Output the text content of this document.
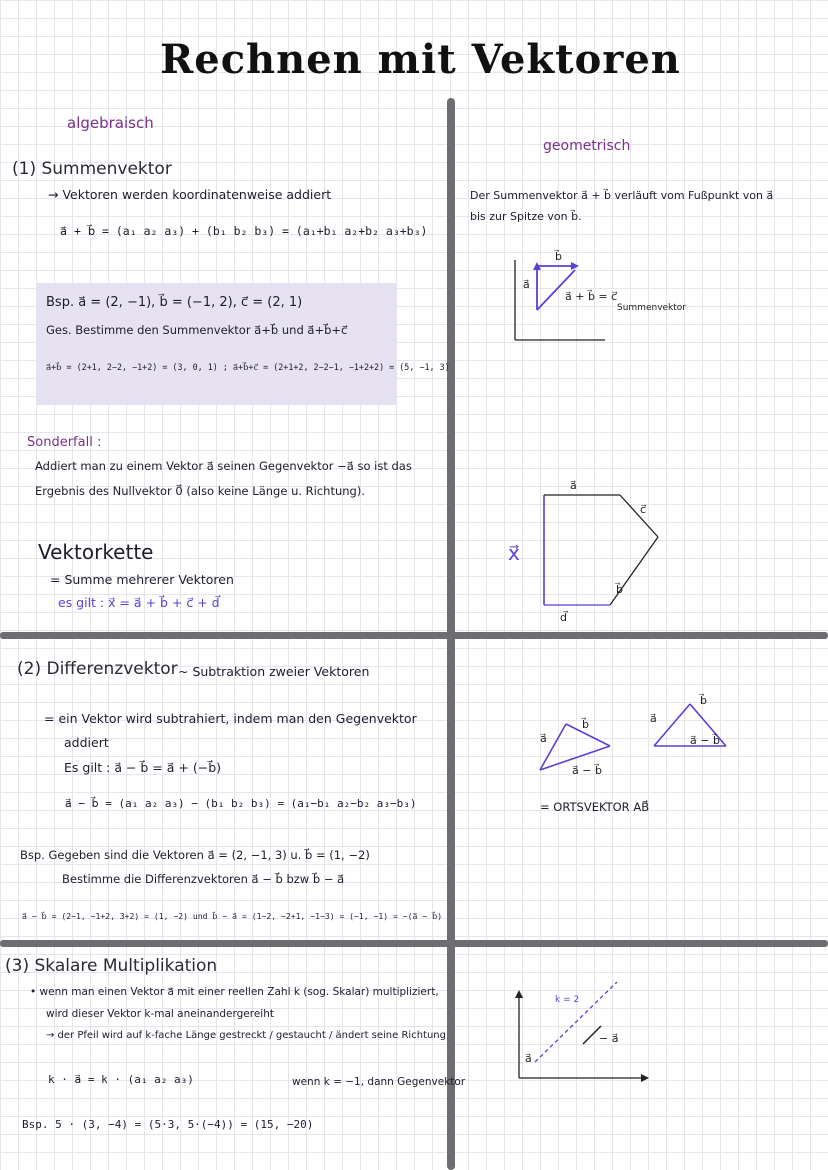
Rechnen mit Vektoren
algebraisch
geometrisch
(1) Summenvektor
→ Vektoren werden koordinatenweise addiert
a⃗ + b⃗ = (a₁ a₂ a₃) + (b₁ b₂ b₃) = (a₁+b₁ a₂+b₂ a₃+b₃)
Bsp. a⃗ = (2, −1), b⃗ = (−1, 2), c⃗ = (2, 1)
Ges. Bestimme den Summenvektor a⃗+b⃗ und a⃗+b⃗+c⃗
a⃗+b⃗ = (2+1, 2−2, −1+2) = (3, 0, 1) ; a⃗+b⃗+c⃗ = (2+1+2, 2−2−1, −1+2+2) = (5, −1, 3)
Sonderfall :
Addiert man zu einem Vektor a⃗ seinen Gegenvektor −a⃗ so ist das
Ergebnis des Nullvektor 0⃗ (also keine Länge u. Richtung).
Vektorkette
= Summe mehrerer Vektoren
es gilt : x⃗ = a⃗ + b⃗ + c⃗ + d⃗
Der Summenvektor a⃗ + b⃗ verläuft vom Fußpunkt von a⃗
bis zur Spitze von b⃗.
a⃗
b⃗
a⃗ + b⃗ = c⃗
Summenvektor
x⃗
a⃗
c⃗
b⃗
d⃗
(2) Differenzvektor ~ Subtraktion zweier Vektoren
= ein Vektor wird subtrahiert, indem man den Gegenvektor
addiert
Es gilt : a⃗ − b⃗ = a⃗ + (−b⃗)
a⃗ − b⃗ = (a₁ a₂ a₃) − (b₁ b₂ b₃) = (a₁−b₁ a₂−b₂ a₃−b₃)
Bsp. Gegeben sind die Vektoren a⃗ = (2, −1, 3) u. b⃗ = (1, −2)
Bestimme die Differenzvektoren a⃗ − b⃗ bzw b⃗ − a⃗
a⃗ − b⃗ = (2−1, −1+2, 3+2) = (1, −2) und b⃗ − a⃗ = (1−2, −2+1, −1−3) = (−1, −1) = −(a⃗ − b⃗)
a⃗
b⃗
a⃗ − b⃗
a⃗
b⃗
a⃗ − b⃗
= ORTSVEKTOR AB⃗
(3) Skalare Multiplikation
• wenn man einen Vektor a⃗ mit einer reellen Zahl k (sog. Skalar) multipliziert,
wird dieser Vektor k-mal aneinandergereiht
→ der Pfeil wird auf k-fache Länge gestreckt / gestaucht / ändert seine Richtung
k · a⃗ = k · (a₁ a₂ a₃)	wenn k = −1, dann Gegenvektor
Bsp. 5 · (3, −4) = (5·3, 5·(−4)) = (15, −20)
k = 2
− a⃗
a⃗
